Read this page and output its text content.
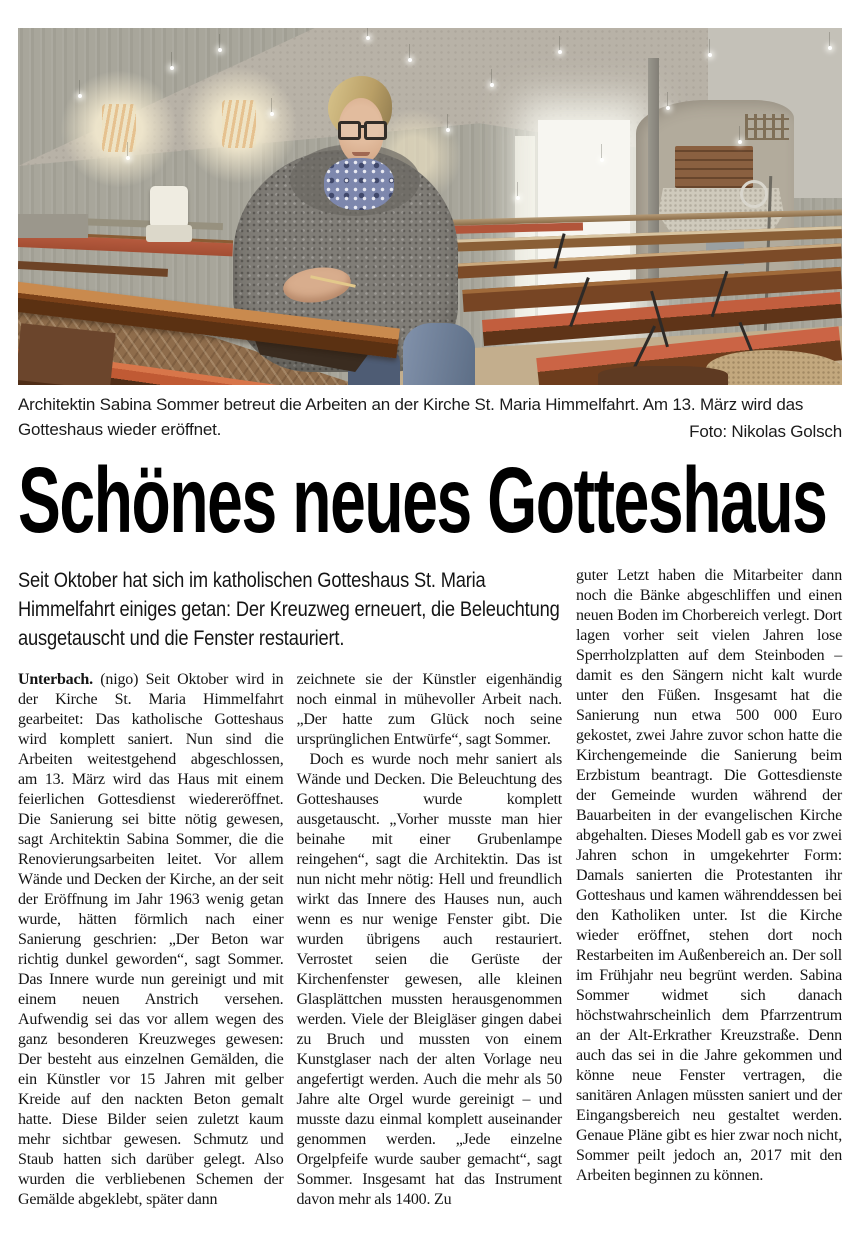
Architektin Sabina Sommer betreut die Arbeiten an der Kirche St. Maria Himmelfahrt. Am 13. März wird das Gotteshaus wieder eröffnet.	Foto: Nikolas Golsch
Schönes neues Gotteshaus

Seit Oktober hat sich im katholischen Gotteshaus St. Maria Himmelfahrt einiges getan: Der Kreuzweg erneuert, die Beleuchtung ausgetauscht und die Fenster restauriert.

Unterbach. (nigo) Seit Oktober wird in der Kirche St. Maria Himmelfahrt gearbeitet: Das katholische Gotteshaus wird komplett saniert. Nun sind die Arbeiten weitestgehend abgeschlossen, am 13. März wird das Haus mit einem feierlichen Gottesdienst wiedereröffnet. Die Sanierung sei bitte nötig gewesen, sagt Architektin Sabina Sommer, die die Renovierungsarbeiten leitet. Vor allem Wände und Decken der Kirche, an der seit der Eröffnung im Jahr 1963 wenig getan wurde, hätten förmlich nach einer Sanierung geschrien: „Der Beton war richtig dunkel geworden“, sagt Sommer. Das Innere wurde nun gereinigt und mit einem neuen Anstrich versehen. Aufwendig sei das vor allem wegen des ganz besonderen Kreuzweges gewesen: Der besteht aus einzelnen Gemälden, die ein Künstler vor 15 Jahren mit gelber Kreide auf den nackten Beton gemalt hatte. Diese Bilder seien zuletzt kaum mehr sichtbar gewesen. Schmutz und Staub hatten sich darüber gelegt. Also wurden die verbliebenen Schemen der Gemälde abgeklebt, später dann

zeichnete sie der Künstler eigenhändig noch einmal in mühevoller Arbeit nach. „Der hatte zum Glück noch seine ursprünglichen Entwürfe“, sagt Sommer.

Doch es wurde noch mehr saniert als Wände und Decken. Die Beleuchtung des Gotteshauses wurde komplett ausgetauscht. „Vorher musste man hier beinahe mit einer Grubenlampe reingehen“, sagt die Architektin. Das ist nun nicht mehr nötig: Hell und freundlich wirkt das Innere des Hauses nun, auch wenn es nur wenige Fenster gibt. Die wurden übrigens auch restauriert. Verrostet seien die Gerüste der Kirchenfenster gewesen, alle kleinen Glasplättchen mussten herausgenommen werden. Viele der Bleigläser gingen dabei zu Bruch und mussten von einem Kunstglaser nach der alten Vorlage neu angefertigt werden. Auch die mehr als 50 Jahre alte Orgel wurde gereinigt – und musste dazu einmal komplett auseinander genommen werden. „Jede einzelne Orgelpfeife wurde sauber gemacht“, sagt Sommer. Insgesamt hat das Instrument davon mehr als 1400. Zu

guter Letzt haben die Mitarbeiter dann noch die Bänke abgeschliffen und einen neuen Boden im Chorbereich verlegt. Dort lagen vorher seit vielen Jahren lose Sperrholzplatten auf dem Steinboden – damit es den Sängern nicht kalt wurde unter den Füßen. Insgesamt hat die Sanierung nun etwa 500 000 Euro gekostet, zwei Jahre zuvor schon hatte die Kirchengemeinde die Sanierung beim Erzbistum beantragt. Die Gottesdienste der Gemeinde wurden während der Bauarbeiten in der evangelischen Kirche abgehalten. Dieses Modell gab es vor zwei Jahren schon in umgekehrter Form: Damals sanierten die Protestanten ihr Gotteshaus und kamen währenddessen bei den Katholiken unter. Ist die Kirche wieder eröffnet, stehen dort noch Restarbeiten im Außenbereich an. Der soll im Frühjahr neu begrünt werden. Sabina Sommer widmet sich danach höchstwahrscheinlich dem Pfarrzentrum an der Alt-Erkrather Kreuzstraße. Denn auch das sei in die Jahre gekommen und könne neue Fenster vertragen, die sanitären Anlagen müssten saniert und der Eingangsbereich neu gestaltet werden. Genaue Pläne gibt es hier zwar noch nicht, Sommer peilt jedoch an, 2017 mit den Arbeiten beginnen zu können.
